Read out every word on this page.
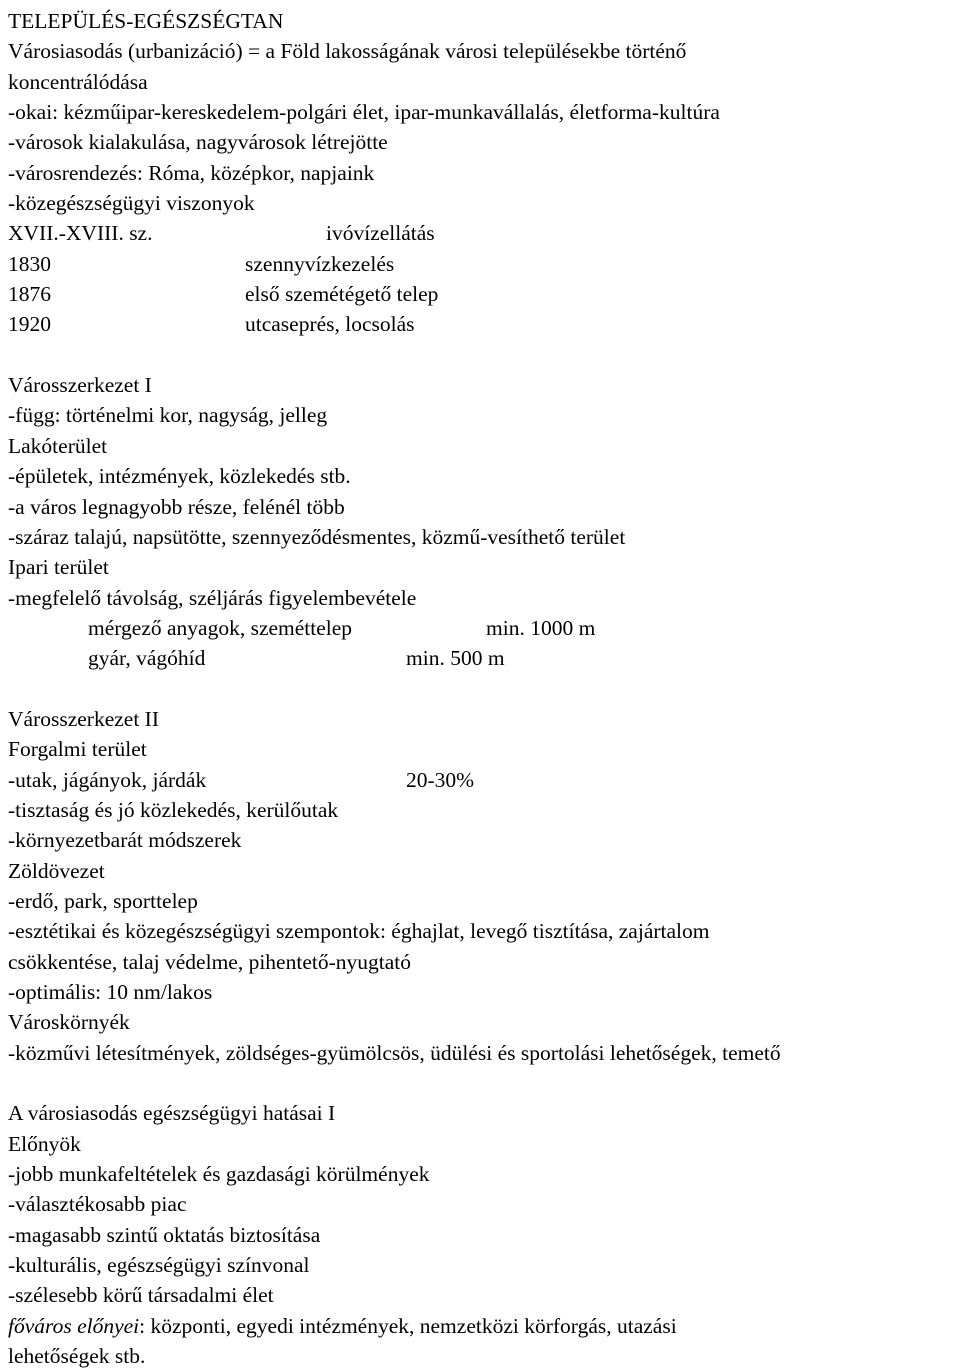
TELEPÜLÉS-EGÉSZSÉGTAN
Városiasodás (urbanizáció) = a Föld lakosságának városi településekbe történő
koncentrálódása
-okai: kézműipar-kereskedelem-polgári élet, ipar-munkavállalás, életforma-kultúra
-városok kialakulása, nagyvárosok létrejötte
-városrendezés: Róma, középkor, napjaink
-közegészségügyi viszonyok
XVII.-XVIII. sz.	ivóvízellátás
1830	szennyvízkezelés
1876	első szemétégető telep
1920	utcaseprés, locsolás
Városszerkezet I
-függ: történelmi kor, nagyság, jelleg
Lakóterület
-épületek, intézmények, közlekedés stb.
-a város legnagyobb része, felénél több
-száraz talajú, napsütötte, szennyeződésmentes, közmű-vesíthető terület
Ipari terület
-megfelelő távolság, széljárás figyelembevétele
mérgező anyagok, szeméttelep	min. 1000 m
gyár, vágóhíd	min. 500 m
Városszerkezet II
Forgalmi terület
-utak, jágányok, járdák	20-30%
-tisztaság és jó közlekedés, kerülőutak
-környezetbarát módszerek
Zöldövezet
-erdő, park, sporttelep
-esztétikai és közegészségügyi szempontok: éghajlat, levegő tisztítása, zajártalom
csökkentése, talaj védelme, pihentető-nyugtató
-optimális: 10 nm/lakos
Városkörnyék
-közművi létesítmények, zöldséges-gyümölcsös, üdülési és sportolási lehetőségek, temető
A városiasodás egészségügyi hatásai I
Előnyök
-jobb munkafeltételek és gazdasági körülmények
-választékosabb piac
-magasabb szintű oktatás biztosítása
-kulturális, egészségügyi színvonal
-szélesebb körű társadalmi élet
főváros előnyei: központi, egyedi intézmények, nemzetközi körforgás, utazási
lehetőségek stb.
